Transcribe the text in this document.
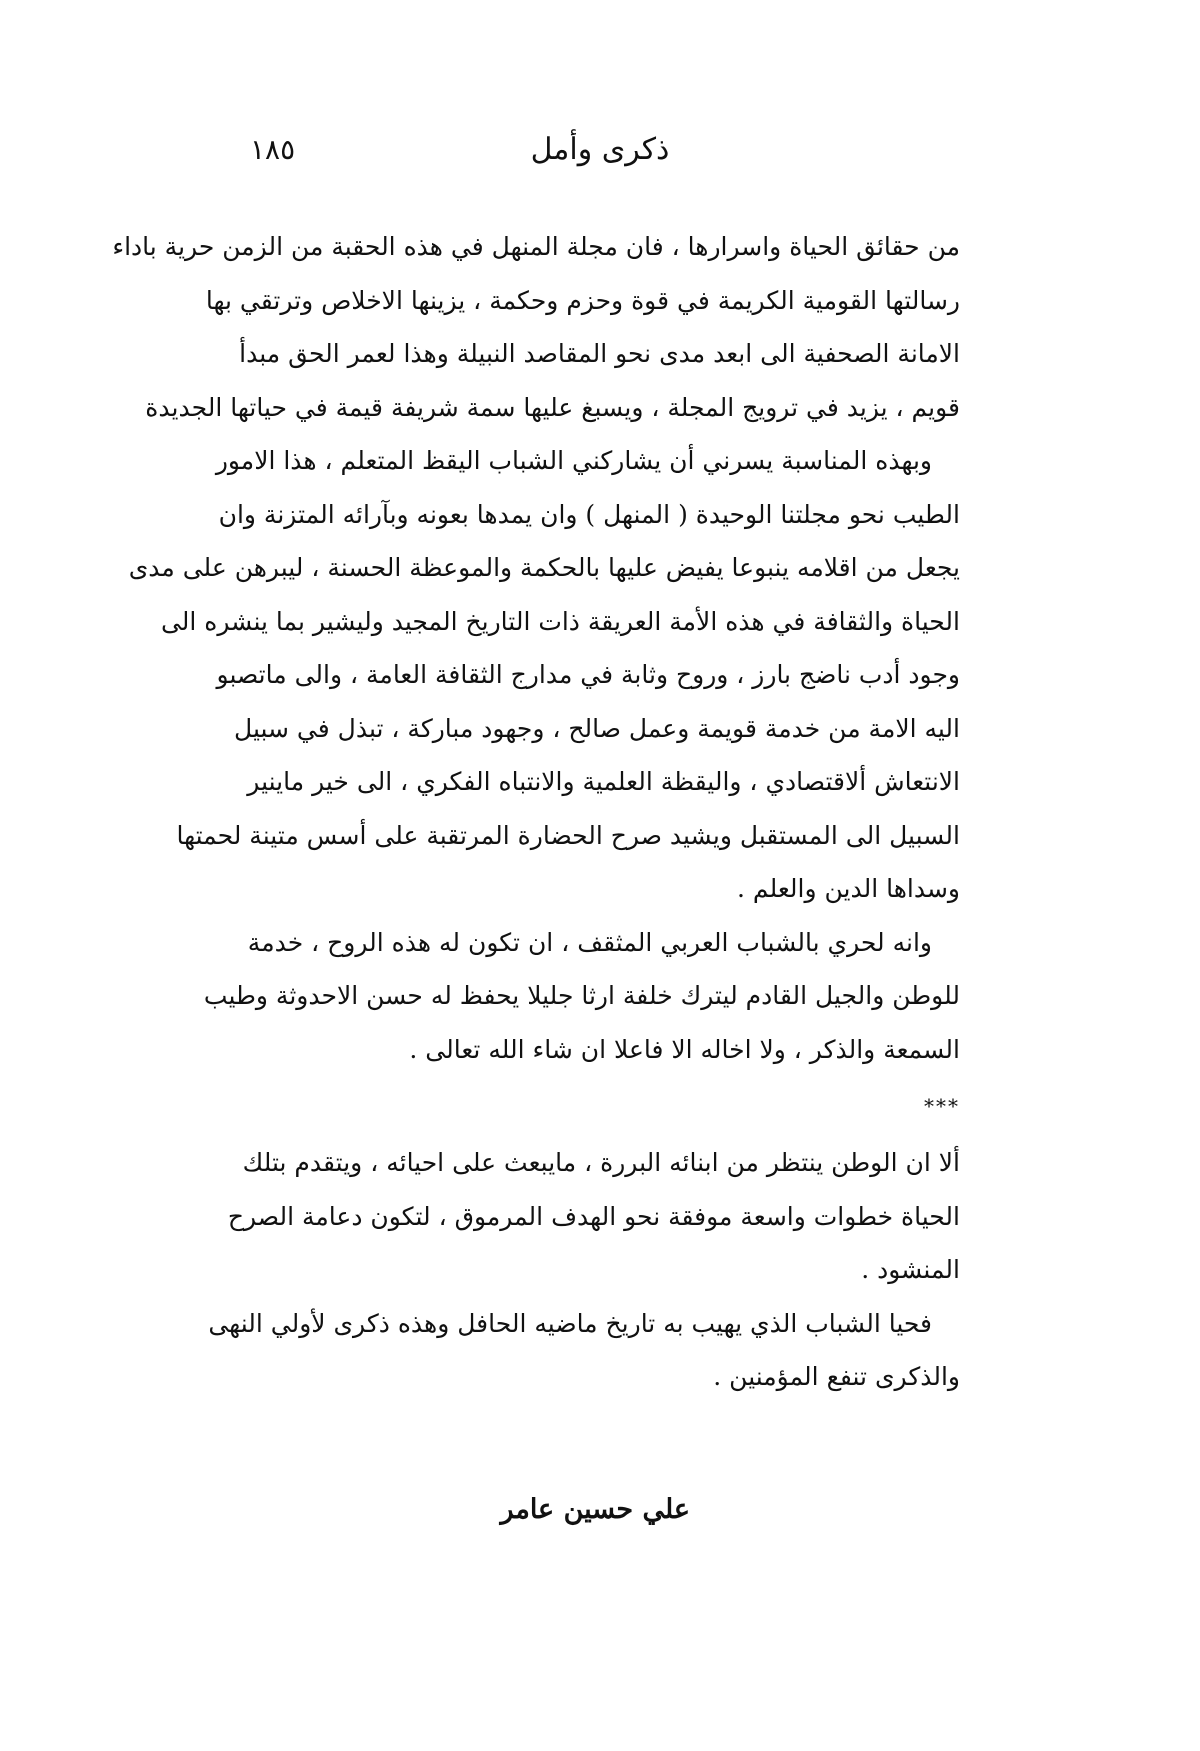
ذكرى وأمل
١٨٥
من حقائق الحياة واسرارها ، فان مجلة المنهل في هذه الحقبة من الزمن حرية باداء
رسالتها القومية الكريمة في قوة وحزم وحكمة ، يزينها الاخلاص وترتقي بها
الامانة الصحفية الى ابعد مدى نحو المقاصد النبيلة وهذا لعمر الحق مبدأ
قويم ، يزيد في ترويج المجلة ، ويسبغ عليها سمة شريفة قيمة في حياتها الجديدة
وبهذه المناسبة يسرني أن يشاركني الشباب اليقظ المتعلم ، هذا الامور
الطيب نحو مجلتنا الوحيدة ( المنهل ) وان يمدها بعونه وبآرائه المتزنة وان
يجعل من اقلامه ينبوعا يفيض عليها بالحكمة والموعظة الحسنة ، ليبرهن على مدى
الحياة والثقافة في هذه الأمة العريقة ذات التاريخ المجيد وليشير بما ينشره الى
وجود أدب ناضج بارز ، وروح وثابة في مدارج الثقافة العامة ، والى ماتصبو
اليه الامة من خدمة قويمة وعمل صالح ، وجهود مباركة ، تبذل في سبيل
الانتعاش ألاقتصادي ، واليقظة العلمية والانتباه الفكري ، الى خير ماينير
السبيل الى المستقبل ويشيد صرح الحضارة المرتقبة على أسس متينة لحمتها
وسداها الدين والعلم .
وانه لحري بالشباب العربي المثقف ، ان تكون له هذه الروح ، خدمة
للوطن والجيل القادم ليترك خلفة ارثا جليلا يحفظ له حسن الاحدوثة وطيب
السمعة والذكر ، ولا اخاله الا فاعلا ان شاء الله تعالى .
***
ألا ان الوطن ينتظر من ابنائه البررة ، مايبعث على احيائه ، ويتقدم بتلك
الحياة خطوات واسعة موفقة نحو الهدف المرموق ، لتكون دعامة الصرح
المنشود .
فحيا الشباب الذي يهيب به تاريخ ماضيه الحافل وهذه ذكرى لأولي النهى
والذكرى تنفع المؤمنين .
علي حسين عامر
